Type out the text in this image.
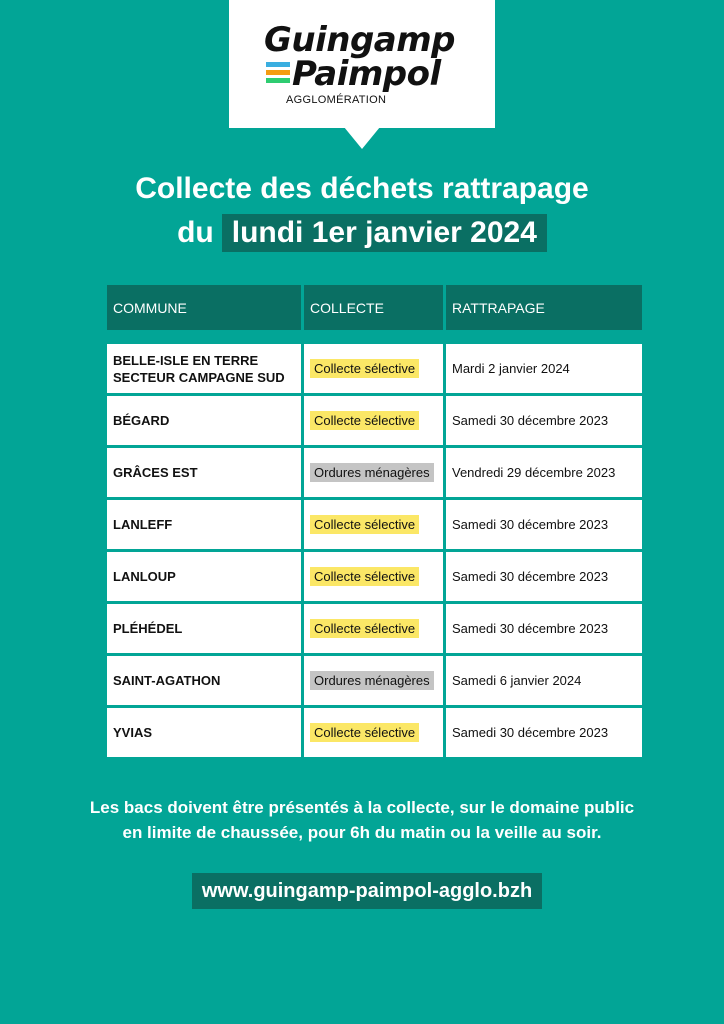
Guingamp
Paimpol
AGGLOMÉRATION
Collecte des déchets rattrapage
du lundi 1er janvier 2024
COMMUNE	COLLECTE	RATTRAPAGE

BELLE-ISLE EN TERRE
SECTEUR CAMPAGNE SUD	Collecte sélective	Mardi 2 janvier 2024
BÉGARD	Collecte sélective	Samedi 30 décembre 2023
GRÂCES EST	Ordures ménagères	Vendredi 29 décembre 2023
LANLEFF	Collecte sélective	Samedi 30 décembre 2023
LANLOUP	Collecte sélective	Samedi 30 décembre 2023
PLÉHÉDEL	Collecte sélective	Samedi 30 décembre 2023
SAINT-AGATHON	Ordures ménagères	Samedi 6 janvier 2024
YVIAS	Collecte sélective	Samedi 30 décembre 2023
Les bacs doivent être présentés à la collecte, sur le domaine public
en limite de chaussée, pour 6h du matin ou la veille au soir.
www.guingamp-paimpol-agglo.bzh
